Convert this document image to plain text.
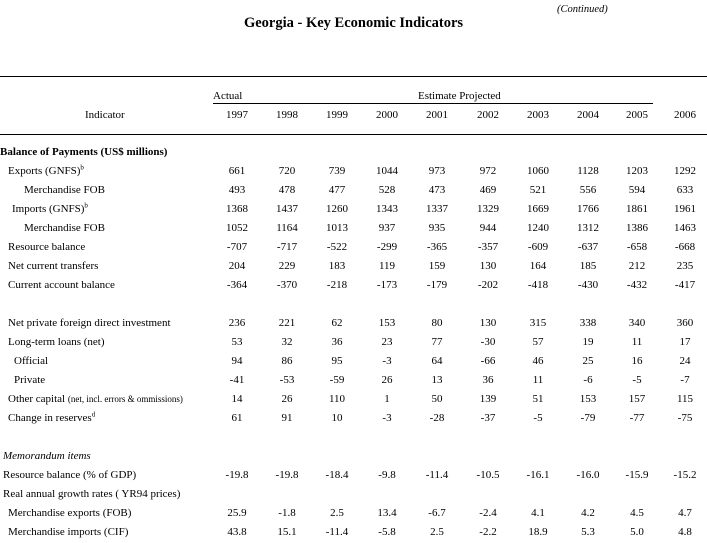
(Continued)
Georgia - Key Economic Indicators
Actual	Estimate Projected
Indicator	1997	1998	1999	2000	2001	2002	2003	2004	2005	2006
Balance of Payments (US$ millions)
Exports (GNFS)$^b$	661	720	739	1044	973	972	1060	1128	1203	1292
Merchandise FOB	493	478	477	528	473	469	521	556	594	633
Imports (GNFS)$^b$	1368	1437	1260	1343	1337	1329	1669	1766	1861	1961
Merchandise FOB	1052	1164	1013	937	935	944	1240	1312	1386	1463
Resource balance	-707	-717	-522	-299	-365	-357	-609	-637	-658	-668
Net current transfers	204	229	183	119	159	130	164	185	212	235
Current account balance	-364	-370	-218	-173	-179	-202	-418	-430	-432	-417
Net private foreign direct investment	236	221	62	153	80	130	315	338	340	360
Long-term loans (net)	53	32	36	23	77	-30	57	19	11	17
Official	94	86	95	-3	64	-66	46	25	16	24
Private	-41	-53	-59	26	13	36	11	-6	-5	-7
Other capital (net, incl. errors & ommissions)	14	26	110	1	50	139	51	153	157	115
Change in reserves$^d$	61	91	10	-3	-28	-37	-5	-79	-77	-75
Memorandum items
Resource balance (% of GDP)	-19.8	-19.8	-18.4	-9.8	-11.4	-10.5	-16.1	-16.0	-15.9	-15.2
Real annual growth rates ( YR94 prices)
Merchandise exports (FOB)	25.9	-1.8	2.5	13.4	-6.7	-2.4	4.1	4.2	4.5	4.7
Merchandise imports (CIF)	43.8	15.1	-11.4	-5.8	2.5	-2.2	18.9	5.3	5.0	4.8
